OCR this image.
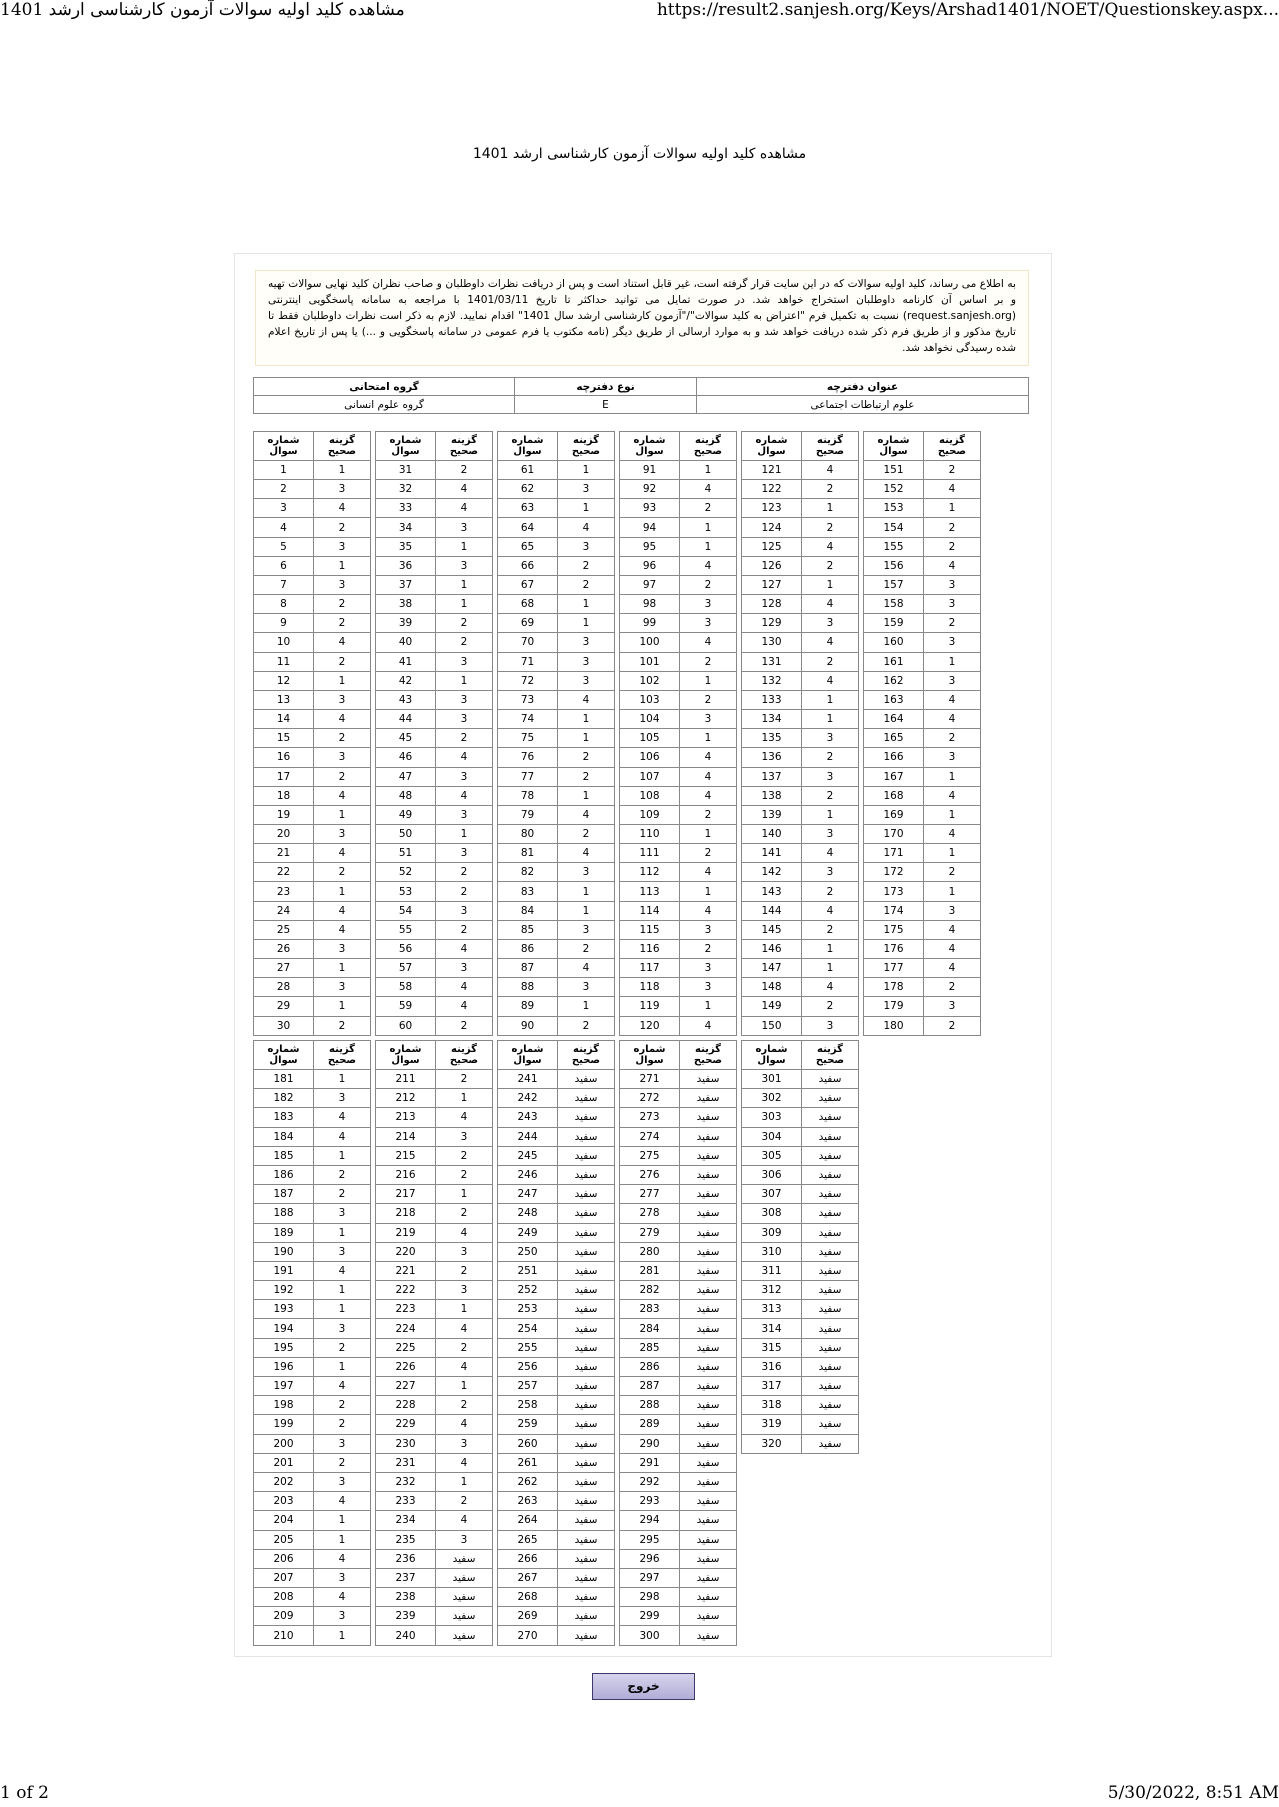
مشاهده کلید اولیه سوالات آزمون کارشناسی ارشد 1401	https://result2.sanjesh.org/Keys/Arshad1401/NOET/Questionskey.aspx...
مشاهده کلید اولیه سوالات آزمون کارشناسی ارشد 1401
به اطلاع می رساند، کلید اولیه سوالات که در این سایت قرار گرفته است، غیر قابل استناد است و پس از دریافت نظرات داوطلبان و صاحب نظران کلید نهایی سوالات تهیه و بر اساس آن کارنامه داوطلبان استخراج خواهد شد. در صورت تمایل می توانید حداکثر تا تاریخ 1401/03/11 با مراجعه به سامانه پاسخگویی اینترنتی (request.sanjesh.org) نسبت به تکمیل فرم "اعتراض به کلید سوالات"/"آزمون کارشناسی ارشد سال 1401" اقدام نمایید. لازم به ذکر است نظرات داوطلبان فقط تا تاریخ مذکور و از طریق فرم ذکر شده دریافت خواهد شد و به موارد ارسالی از طریق دیگر (نامه مکتوب یا فرم عمومی در سامانه پاسخگویی و ...) یا پس از تاریخ اعلام شده رسیدگی نخواهد شد.
عنوان دفترچه	نوع دفترچه	گروه امتحانی
علوم ارتباطات اجتماعی	E	گروه علوم انسانی
شماره سوال	گزینه صحیح
1	1
2	3
3	4
4	2
5	3
6	1
7	3
8	2
9	2
10	4
11	2
12	1
13	3
14	4
15	2
16	3
17	2
18	4
19	1
20	3
21	4
22	2
23	1
24	4
25	4
26	3
27	1
28	3
29	1
30	2
شماره سوال	گزینه صحیح
31	2
32	4
33	4
34	3
35	1
36	3
37	1
38	1
39	2
40	2
41	3
42	1
43	3
44	3
45	2
46	4
47	3
48	4
49	3
50	1
51	3
52	2
53	2
54	3
55	2
56	4
57	3
58	4
59	4
60	2
شماره سوال	گزینه صحیح
61	1
62	3
63	1
64	4
65	3
66	2
67	2
68	1
69	1
70	3
71	3
72	3
73	4
74	1
75	1
76	2
77	2
78	1
79	4
80	2
81	4
82	3
83	1
84	1
85	3
86	2
87	4
88	3
89	1
90	2
شماره سوال	گزینه صحیح
91	1
92	4
93	2
94	1
95	1
96	4
97	2
98	3
99	3
100	4
101	2
102	1
103	2
104	3
105	1
106	4
107	4
108	4
109	2
110	1
111	2
112	4
113	1
114	4
115	3
116	2
117	3
118	3
119	1
120	4
شماره سوال	گزینه صحیح
121	4
122	2
123	1
124	2
125	4
126	2
127	1
128	4
129	3
130	4
131	2
132	4
133	1
134	1
135	3
136	2
137	3
138	2
139	1
140	3
141	4
142	3
143	2
144	4
145	2
146	1
147	1
148	4
149	2
150	3
شماره سوال	گزینه صحیح
151	2
152	4
153	1
154	2
155	2
156	4
157	3
158	3
159	2
160	3
161	1
162	3
163	4
164	4
165	2
166	3
167	1
168	4
169	1
170	4
171	1
172	2
173	1
174	3
175	4
176	4
177	4
178	2
179	3
180	2
شماره سوال	گزینه صحیح
181	1
182	3
183	4
184	4
185	1
186	2
187	2
188	3
189	1
190	3
191	4
192	1
193	1
194	3
195	2
196	1
197	4
198	2
199	2
200	3
201	2
202	3
203	4
204	1
205	1
206	4
207	3
208	4
209	3
210	1
شماره سوال	گزینه صحیح
211	2
212	1
213	4
214	3
215	2
216	2
217	1
218	2
219	4
220	3
221	2
222	3
223	1
224	4
225	2
226	4
227	1
228	2
229	4
230	3
231	4
232	1
233	2
234	4
235	3
236	سفید
237	سفید
238	سفید
239	سفید
240	سفید
شماره سوال	گزینه صحیح
241	سفید
242	سفید
243	سفید
244	سفید
245	سفید
246	سفید
247	سفید
248	سفید
249	سفید
250	سفید
251	سفید
252	سفید
253	سفید
254	سفید
255	سفید
256	سفید
257	سفید
258	سفید
259	سفید
260	سفید
261	سفید
262	سفید
263	سفید
264	سفید
265	سفید
266	سفید
267	سفید
268	سفید
269	سفید
270	سفید
شماره سوال	گزینه صحیح
271	سفید
272	سفید
273	سفید
274	سفید
275	سفید
276	سفید
277	سفید
278	سفید
279	سفید
280	سفید
281	سفید
282	سفید
283	سفید
284	سفید
285	سفید
286	سفید
287	سفید
288	سفید
289	سفید
290	سفید
291	سفید
292	سفید
293	سفید
294	سفید
295	سفید
296	سفید
297	سفید
298	سفید
299	سفید
300	سفید
شماره سوال	گزینه صحیح
301	سفید
302	سفید
303	سفید
304	سفید
305	سفید
306	سفید
307	سفید
308	سفید
309	سفید
310	سفید
311	سفید
312	سفید
313	سفید
314	سفید
315	سفید
316	سفید
317	سفید
318	سفید
319	سفید
320	سفید
خروج
1 of 2	5/30/2022, 8:51 AM
